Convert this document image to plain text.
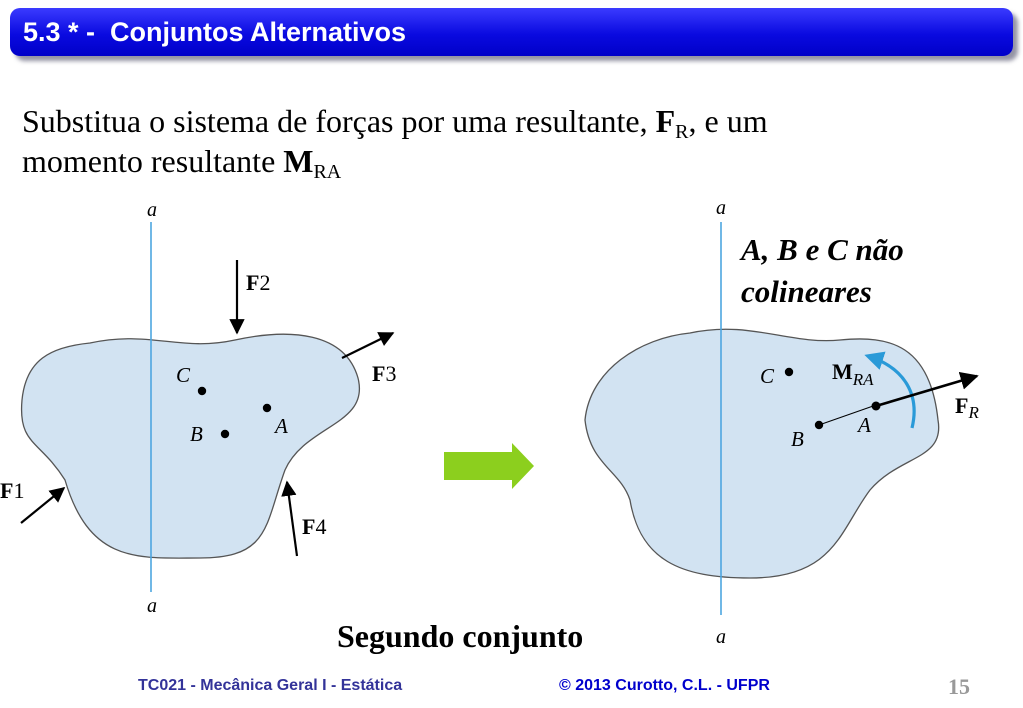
5.3 * -  Conjuntos Alternativos
Substitua o sistema de forças por uma resultante, $F_R$, e um
momento resultante $M_{RA}$
a
a
C
A
B
F2
F3
F1
F4
a
a
C
B
$M_{RA}$
A
$F_R$
A, B e C não
colineares
Segundo conjunto
TC021 - Mecânica Geral I - Estática	© 2013 Curotto, C.L. - UFPR	15
